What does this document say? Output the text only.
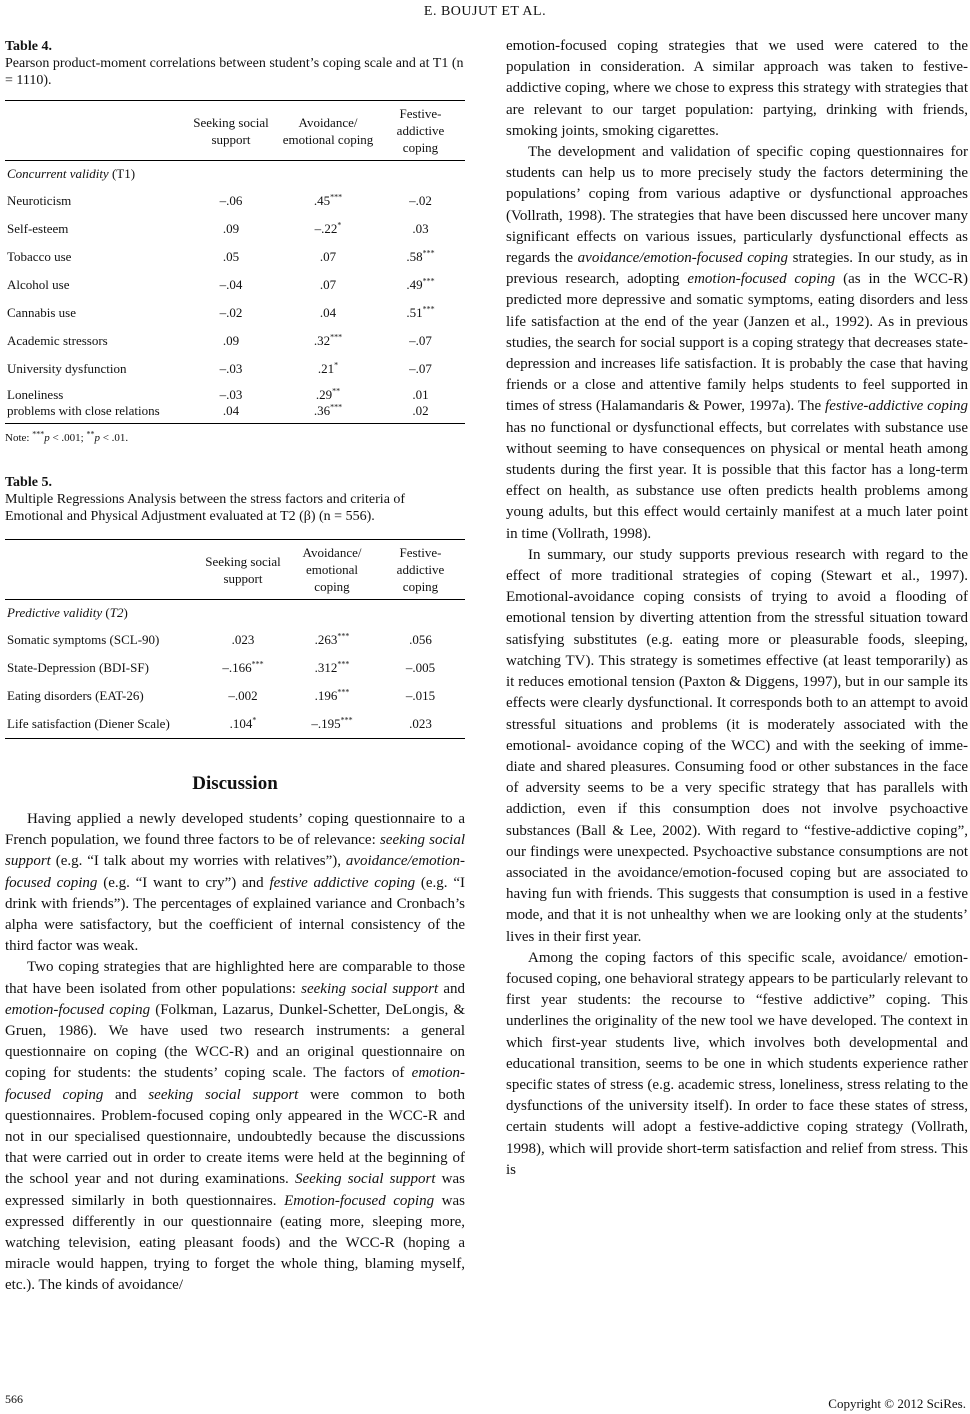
E. BOUJUT ET AL.
Table 4.
Pearson product-moment correlations between student’s coping scale and at T1 (n = 1110).
	Seeking social support	Avoidance/ emotional coping	Festive- addictive coping
Concurrent validity (T1)			
Neuroticism	–.06	.45***	–.02
Self-esteem	.09	–.22*	.03
Tobacco use	.05	.07	.58***
Alcohol use	–.04	.07	.49***
Cannabis use	–.02	.04	.51***
Academic stressors	.09	.32***	–.07
University dysfunction	–.03	.21*	–.07
Loneliness	–.03	.29**	.01
problems with close relations	.04	.36***	.02
Note: ***p < .001; **p < .01.
Table 5.
Multiple Regressions Analysis between the stress factors and criteria of Emotional and Physical Adjustment evaluated at T2 (β) (n = 556).
	Seeking social support	Avoidance/ emotional coping	Festive- addictive coping
Predictive validity (T2)			
Somatic symptoms (SCL-90)	.023	.263***	.056
State-Depression (BDI-SF)	–.166***	.312***	–.005
Eating disorders (EAT-26)	–.002	.196***	–.015
Life satisfaction (Diener Scale)	.104*	–.195***	.023
Discussion

Having applied a newly developed students’ coping questionnaire to a French population, we found three factors to be of relevance: seeking social support (e.g. “I talk about my worries with relatives”), avoidance/emotion-focused coping (e.g. “I want to cry”) and festive addictive coping (e.g. “I drink with friends”). The percentages of explained variance and Cronbach’s alpha were satisfactory, but the coefficient of internal consistency of the third factor was weak.

Two coping strategies that are highlighted here are comparable to those that have been isolated from other populations: seeking social support and emotion-focused coping (Folkman, Lazarus, Dunkel-Schetter, DeLongis, & Gruen, 1986). We have used two research instruments: a general questionnaire on coping (the WCC-R) and an original questionnaire on coping for students: the students’ coping scale. The factors of emotion-focused coping and seeking social support were common to both questionnaires. Problem-focused coping only appeared in the WCC-R and not in our specialised questionnaire, undoubtedly because the discussions that were carried out in order to create items were held at the beginning of the school year and not during examinations. Seeking social support was expressed similarly in both questionnaires. Emotion-focused coping was expressed differently in our questionnaire (eating more, sleeping more, watching television, eating pleasant foods) and the WCC-R (hoping a miracle would happen, trying to forget the whole thing, blaming myself, etc.). The kinds of avoidance/

emotion-focused coping strategies that we used were catered to the population in consideration. A similar approach was taken to festive-addictive coping, where we chose to express this strategy with strategies that are relevant to our target population: partying, drinking with friends, smoking joints, smoking cigarettes.

The development and validation of specific coping questionnaires for students can help us to more precisely study the factors determining the populations’ coping from various adaptive or dysfunctional approaches (Vollrath, 1998). The strategies that have been discussed here uncover many significant effects on various issues, particularly dysfunctional effects as regards the avoidance/emotion-focused coping strategies. In our study, as in previous research, adopting emotion-focused coping (as in the WCC-R) predicted more depressive and somatic symptoms, eating disorders and less life satisfaction at the end of the year (Janzen et al., 1992). As in previous studies, the search for social support is a coping strategy that decreases state-depression and increases life satisfaction. It is probably the case that having friends or a close and attentive family helps students to feel supported in times of stress (Halamandaris & Power, 1997a). The festive-addictive coping has no functional or dysfunctional effects, but correlates with substance use without seeming to have consequences on physical or mental heath among students during the first year. It is possible that this factor has a long-term effect on health, as substance use often predicts health problems among young adults, but this effect would certainly manifest at a much later point in time (Vollrath, 1998).

In summary, our study supports previous research with regard to the effect of more traditional strategies of coping (Stewart et al., 1997). Emotional-avoidance coping consists of trying to avoid a flooding of emotional tension by diverting attention from the stressful situation toward satisfying substitutes (e.g. eating more or pleasurable foods, sleeping, watching TV). This strategy is sometimes effective (at least temporarily) as it reduces emotional tension (Paxton & Diggens, 1997), but in our sample its effects were clearly dysfunctional. It corresponds both to an attempt to avoid stressful situations and problems (it is moderately associated with the emotional- avoidance coping of the WCC) and with the seeking of imme- diate and shared pleasures. Consuming food or other substances in the face of adversity seems to be a very specific strategy that has parallels with addiction, even if this consumption does not involve psychoactive substances (Ball & Lee, 2002). With regard to “festive-addictive coping”, our findings were unexpected. Psychoactive substance consumptions are not associated in the avoidance/emotion-focused coping but are associated to having fun with friends. This suggests that consumption is used in a festive mode, and that it is not unhealthy when we are looking only at the students’ lives in their first year.

Among the coping factors of this specific scale, avoidance/ emotion-focused coping, one behavioral strategy appears to be particularly relevant to first year students: the recourse to “festive addictive” coping. This underlines the originality of the new tool we have developed. The context in which first-year students live, which involves both developmental and educational transition, seems to be one in which students experience rather specific states of stress (e.g. academic stress, loneliness, stress relating to the dysfunctions of the university itself). In order to face these states of stress, certain students will adopt a festive-addictive coping strategy (Vollrath, 1998), which will provide short-term satisfaction and relief from stress. This is

566	Copyright © 2012 SciRes.
